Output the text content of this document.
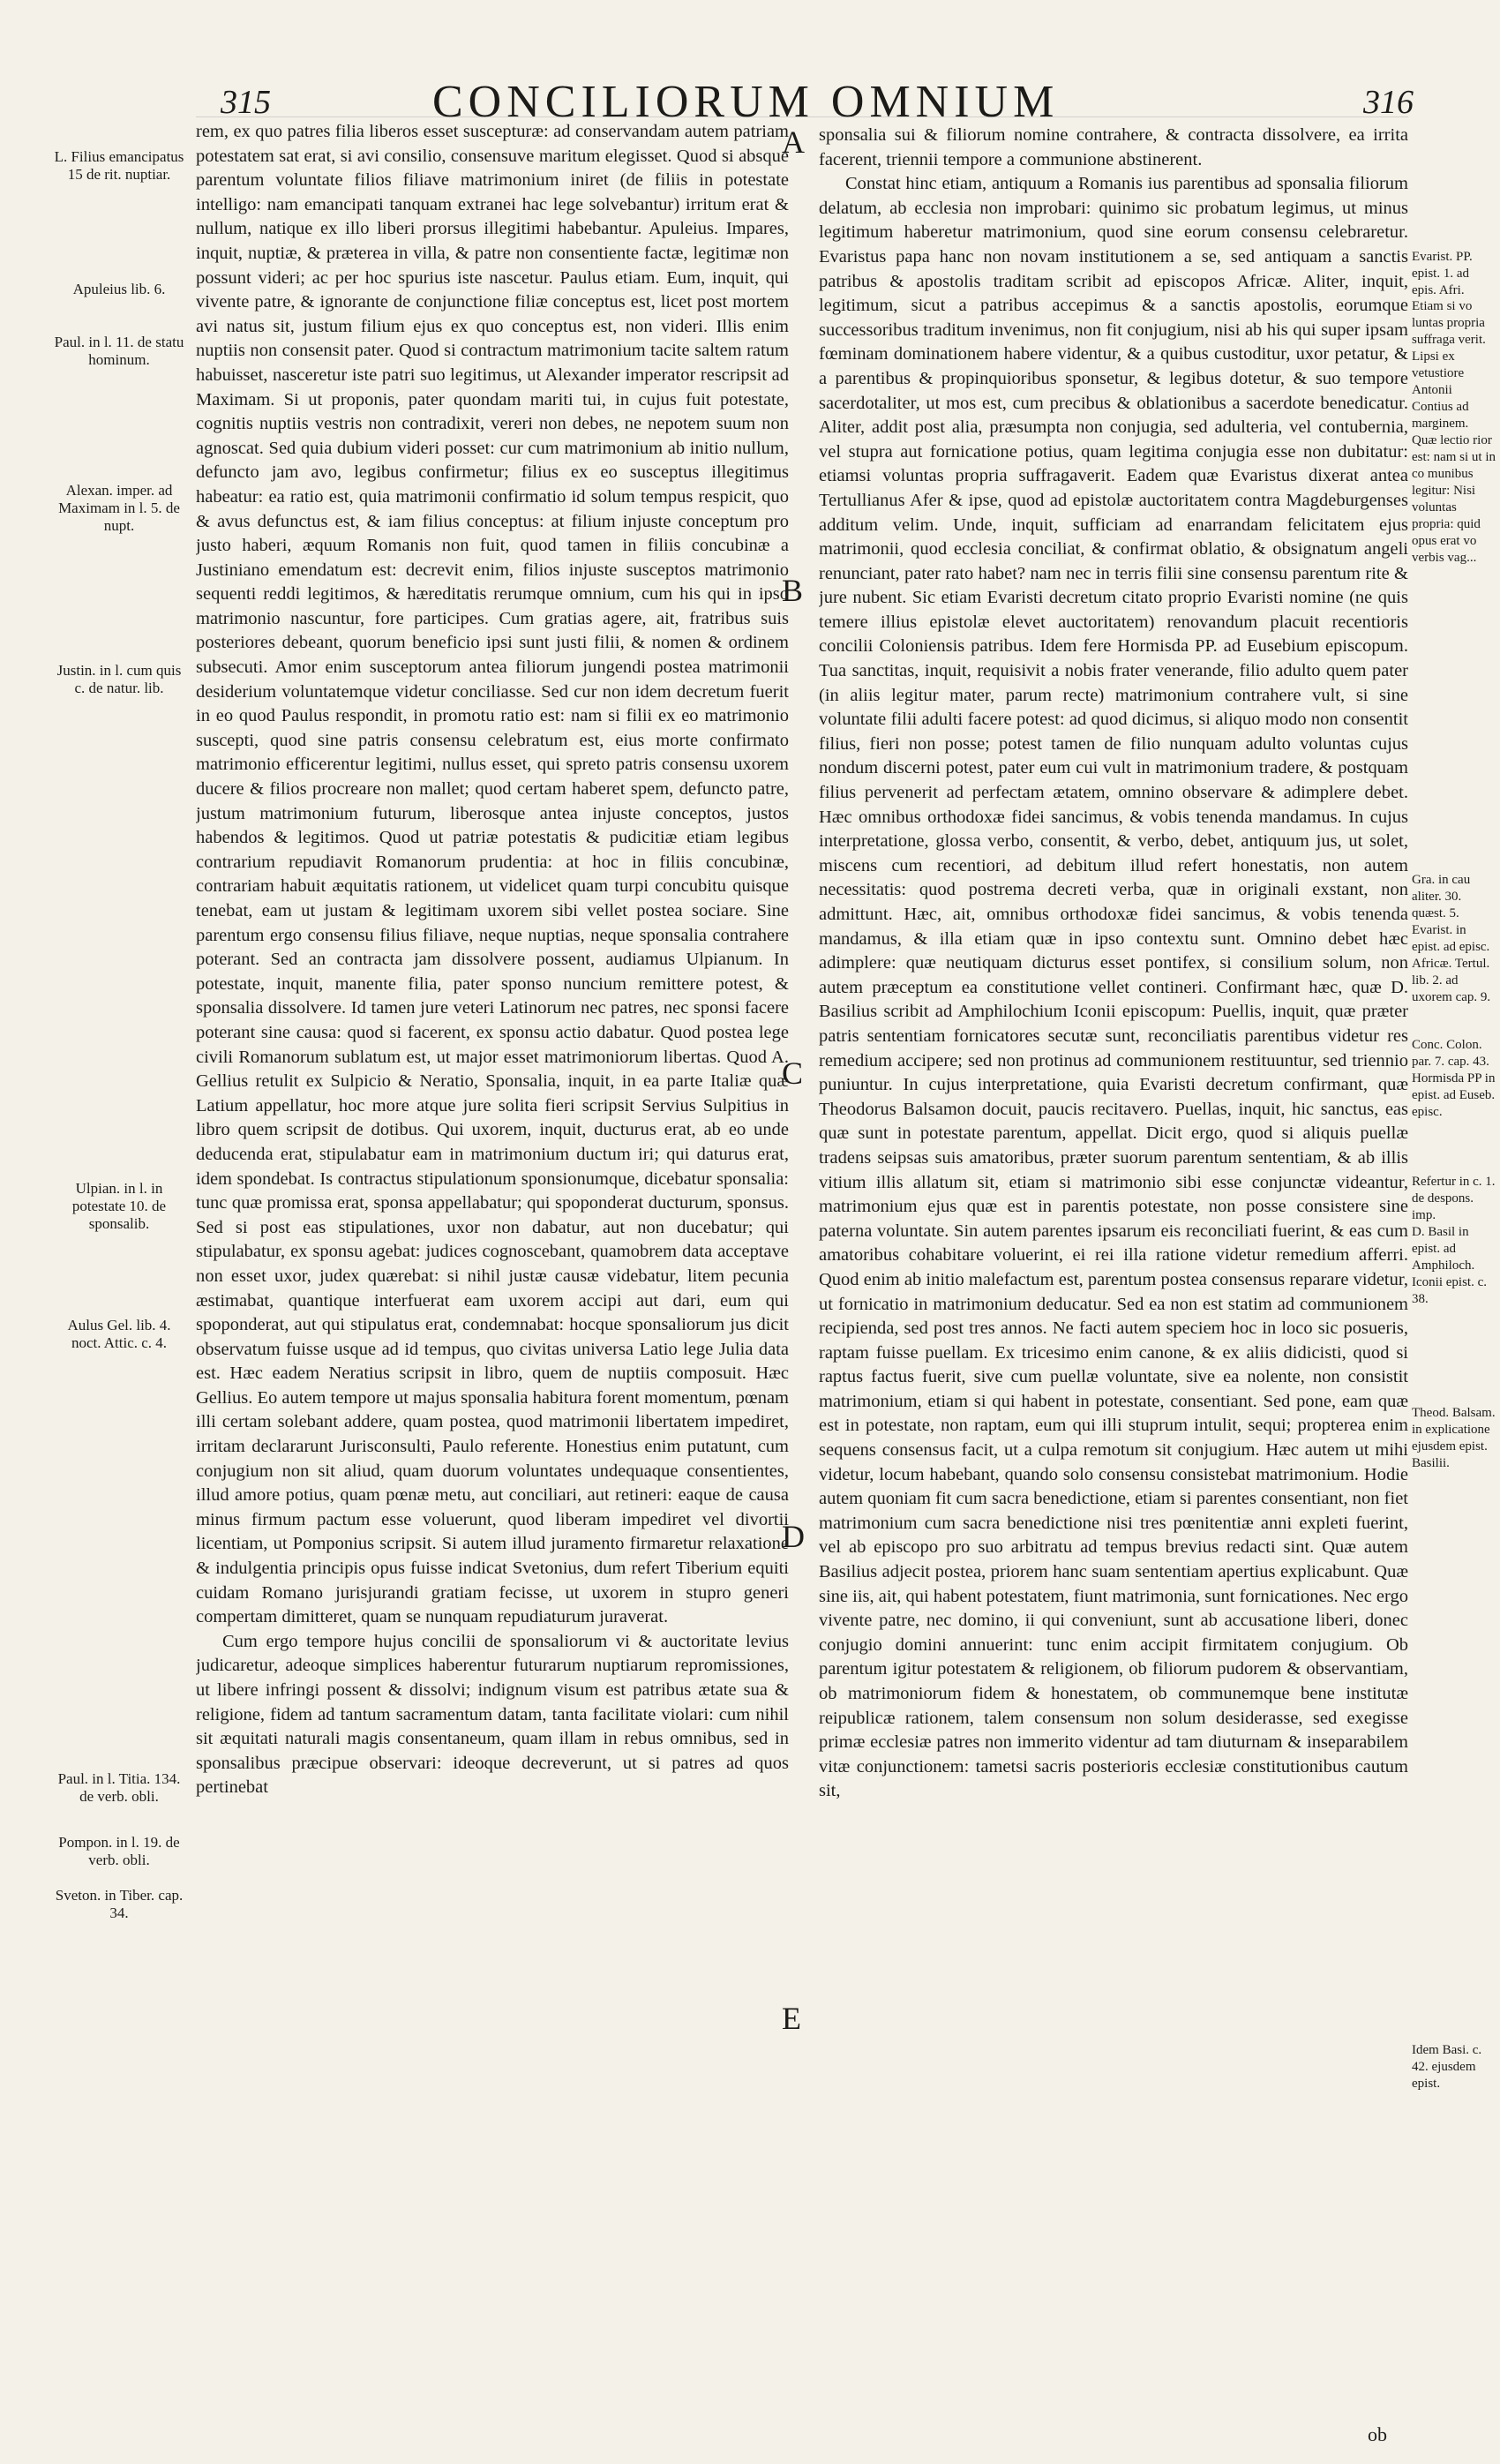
315	CONCILIORUM OMNIUM	316

rem, ex quo patres filia liberos esset suscepturæ: ad conservandam autem patriam potestatem sat erat, si avi consilio, consensuve maritum elegisset. Quod si absque parentum voluntate filios filiave matrimonium iniret (de filiis in potestate intelligo: nam emancipati tanquam extranei hac lege solvebantur) irritum erat & nullum, natique ex illo liberi prorsus illegitimi habebantur. Apuleius. Impares, inquit, nuptiæ, & præterea in villa, & patre non consentiente factæ, legitimæ non possunt videri; ac per hoc spurius iste nascetur. Paulus etiam. Eum, inquit, qui vivente patre, & ignorante de conjunctione filiæ conceptus est, licet post mortem avi natus sit, justum filium ejus ex quo conceptus est, non videri. Illis enim nuptiis non consensit pater. Quod si contractum matrimonium tacite saltem ratum habuisset, nasceretur iste patri suo legitimus, ut Alexander imperator rescripsit ad Maximam. Si ut proponis, pater quondam mariti tui, in cujus fuit potestate, cognitis nuptiis vestris non contradixit, vereri non debes, ne nepotem suum non agnoscat. Sed quia dubium videri posset: cur cum matrimonium ab initio nullum, defuncto jam avo, legibus confirmetur; filius ex eo susceptus illegitimus habeatur: ea ratio est, quia matrimonii confirmatio id solum tempus respicit, quo & avus defunctus est, & iam filius conceptus: at filium injuste conceptum pro justo haberi, æquum Romanis non fuit, quod tamen in filiis concubinæ a Justiniano emendatum est: decrevit enim, filios injuste susceptos matrimonio sequenti reddi legitimos, & hæreditatis rerumque omnium, cum his qui in ipso matrimonio nascuntur, fore participes. Cum gratias agere, ait, fratribus suis posteriores debeant, quorum beneficio ipsi sunt justi filii, & nomen & ordinem subsecuti. Amor enim susceptorum antea filiorum jungendi postea matrimonii desiderium voluntatemque videtur conciliasse. Sed cur non idem decretum fuerit in eo quod Paulus respondit, in promotu ratio est: nam si filii ex eo matrimonio suscepti, quod sine patris consensu celebratum est, eius morte confirmato matrimonio efficerentur legitimi, nullus esset, qui spreto patris consensu uxorem ducere & filios procreare non mallet; quod certam haberet spem, defuncto patre, justum matrimonium futurum, liberosque antea injuste conceptos, justos habendos & legitimos. Quod ut patriæ potestatis & pudicitiæ etiam legibus contrarium repudiavit Romanorum prudentia: at hoc in filiis concubinæ, contrariam habuit æquitatis rationem, ut videlicet quam turpi concubitu quisque tenebat, eam ut justam & legitimam uxorem sibi vellet postea sociare. Sine parentum ergo consensu filius filiave, neque nuptias, neque sponsalia contrahere poterant. Sed an contracta jam dissolvere possent, audiamus Ulpianum. In potestate, inquit, manente filia, pater sponso nuncium remittere potest, & sponsalia dissolvere. Id tamen jure veteri Latinorum nec patres, nec sponsi facere poterant sine causa: quod si facerent, ex sponsu actio dabatur. Quod postea lege civili Romanorum sublatum est, ut major esset matrimoniorum libertas. Quod A. Gellius retulit ex Sulpicio & Neratio, Sponsalia, inquit, in ea parte Italiæ quæ Latium appellatur, hoc more atque jure solita fieri scripsit Servius Sulpitius in libro quem scripsit de dotibus. Qui uxorem, inquit, ducturus erat, ab eo unde deducenda erat, stipulabatur eam in matrimonium ductum iri; qui daturus erat, idem spondebat. Is contractus stipulationum sponsionumque, dicebatur sponsalia: tunc quæ promissa erat, sponsa appellabatur; qui spoponderat ducturum, sponsus. Sed si post eas stipulationes, uxor non dabatur, aut non ducebatur; qui stipulabatur, ex sponsu agebat: judices cognoscebant, quamobrem data acceptave non esset uxor, judex quærebat: si nihil justæ causæ videbatur, litem pecunia æstimabat, quantique interfuerat eam uxorem accipi aut dari, eum qui spoponderat, aut qui stipulatus erat, condemnabat: hocque sponsaliorum jus dicit observatum fuisse usque ad id tempus, quo civitas universa Latio lege Julia data est. Hæc eadem Neratius scripsit in libro, quem de nuptiis composuit. Hæc Gellius. Eo autem tempore ut majus sponsalia habitura forent momentum, pœnam illi certam solebant addere, quam postea, quod matrimonii libertatem impediret, irritam declararunt Jurisconsulti, Paulo referente. Honestius enim putatunt, cum conjugium non sit aliud, quam duorum voluntates undequaque consentientes, illud amore potius, quam pœnæ metu, aut conciliari, aut retineri: eaque de causa minus firmum pactum esse voluerunt, quod liberam impediret vel divortii licentiam, ut Pomponius scripsit. Si autem illud juramento firmaretur relaxatione & indulgentia principis opus fuisse indicat Svetonius, dum refert Tiberium equiti cuidam Romano jurisjurandi gratiam fecisse, ut uxorem in stupro generi compertam dimitteret, quam se nunquam repudiaturum juraverat.

Cum ergo tempore hujus concilii de sponsaliorum vi & auctoritate levius judicaretur, adeoque simplices haberentur futurarum nuptiarum repromissiones, ut libere infringi possent & dissolvi; indignum visum est patribus ætate sua & religione, fidem ad tantum sacramentum datam, tanta facilitate violari: cum nihil sit æquitati naturali magis consentaneum, quam illam in rebus omnibus, sed in sponsalibus præcipue observari: ideoque decreverunt, ut si patres ad quos pertinebat

sponsalia sui & filiorum nomine contrahere, & contracta dissolvere, ea irrita facerent, triennii tempore a communione abstinerent.

Constat hinc etiam, antiquum a Romanis ius parentibus ad sponsalia filiorum delatum, ab ecclesia non improbari: quinimo sic probatum legimus, ut minus legitimum haberetur matrimonium, quod sine eorum consensu celebraretur. Evaristus papa hanc non novam institutionem a se, sed antiquam a sanctis patribus & apostolis traditam scribit ad episcopos Africæ. Aliter, inquit, legitimum, sicut a patribus accepimus & a sanctis apostolis, eorumque successoribus traditum invenimus, non fit conjugium, nisi ab his qui super ipsam fœminam dominationem habere videntur, & a quibus custoditur, uxor petatur, & a parentibus & propinquioribus sponsetur, & legibus dotetur, & suo tempore sacerdotaliter, ut mos est, cum precibus & oblationibus a sacerdote benedicatur. Aliter, addit post alia, præsumpta non conjugia, sed adulteria, vel contubernia, vel stupra aut fornicatione potius, quam legitima conjugia esse non dubitatur: etiamsi voluntas propria suffragaverit. Eadem quæ Evaristus dixerat antea Tertullianus Afer & ipse, quod ad epistolæ auctoritatem contra Magdeburgenses additum velim. Unde, inquit, sufficiam ad enarrandam felicitatem ejus matrimonii, quod ecclesia conciliat, & confirmat oblatio, & obsignatum angeli renunciant, pater rato habet? nam nec in terris filii sine consensu parentum rite & jure nubent. Sic etiam Evaristi decretum citato proprio Evaristi nomine (ne quis temere illius epistolæ elevet auctoritatem) renovandum placuit recentioris concilii Coloniensis patribus. Idem fere Hormisda PP. ad Eusebium episcopum. Tua sanctitas, inquit, requisivit a nobis frater venerande, filio adulto quem pater (in aliis legitur mater, parum recte) matrimonium contrahere vult, si sine voluntate filii adulti facere potest: ad quod dicimus, si aliquo modo non consentit filius, fieri non posse; potest tamen de filio nunquam adulto voluntas cujus nondum discerni potest, pater eum cui vult in matrimonium tradere, & postquam filius pervenerit ad perfectam ætatem, omnino observare & adimplere debet. Hæc omnibus orthodoxæ fidei sancimus, & vobis tenenda mandamus. In cujus interpretatione, glossa verbo, consentit, & verbo, debet, antiquum jus, ut solet, miscens cum recentiori, ad debitum illud refert honestatis, non autem necessitatis: quod postrema decreti verba, quæ in originali exstant, non admittunt. Hæc, ait, omnibus orthodoxæ fidei sancimus, & vobis tenenda mandamus, & illa etiam quæ in ipso contextu sunt. Omnino debet hæc adimplere: quæ neutiquam dicturus esset pontifex, si consilium solum, non autem præceptum ea constitutione vellet contineri. Confirmant hæc, quæ D. Basilius scribit ad Amphilochium Iconii episcopum: Puellis, inquit, quæ præter patris sententiam fornicatores secutæ sunt, reconciliatis parentibus videtur res remedium accipere; sed non protinus ad communionem restituuntur, sed triennio puniuntur. In cujus interpretatione, quia Evaristi decretum confirmant, quæ Theodorus Balsamon docuit, paucis recitavero. Puellas, inquit, hic sanctus, eas quæ sunt in potestate parentum, appellat. Dicit ergo, quod si aliquis puellæ tradens seipsas suis amatoribus, præter suorum parentum sententiam, & ab illis vitium illis allatum sit, etiam si matrimonio sibi esse conjunctæ videantur, matrimonium ejus quæ est in parentis potestate, non posse consistere sine paterna voluntate. Sin autem parentes ipsarum eis reconciliati fuerint, & eas cum amatoribus cohabitare voluerint, ei rei illa ratione videtur remedium afferri. Quod enim ab initio malefactum est, parentum postea consensus reparare videtur, ut fornicatio in matrimonium deducatur. Sed ea non est statim ad communionem recipienda, sed post tres annos. Ne facti autem speciem hoc in loco sic posueris, raptam fuisse puellam. Ex tricesimo enim canone, & ex aliis didicisti, quod si raptus factus fuerit, sive cum puellæ voluntate, sive ea nolente, non consistit matrimonium, etiam si qui habent in potestate, consentiant. Sed pone, eam quæ est in potestate, non raptam, eum qui illi stuprum intulit, sequi; propterea enim sequens consensus facit, ut a culpa remotum sit conjugium. Hæc autem ut mihi videtur, locum habebant, quando solo consensu consistebat matrimonium. Hodie autem quoniam fit cum sacra benedictione, etiam si parentes consentiant, non fiet matrimonium cum sacra benedictione nisi tres pœnitentiæ anni expleti fuerint, vel ab episcopo pro suo arbitratu ad tempus brevius redacti sint. Quæ autem Basilius adjecit postea, priorem hanc suam sententiam apertius explicabunt. Quæ sine iis, ait, qui habent potestatem, fiunt matrimonia, sunt fornicationes. Nec ergo vivente patre, nec domino, ii qui conveniunt, sunt ab accusatione liberi, donec conjugio domini annuerint: tunc enim accipit firmitatem conjugium. Ob parentum igitur potestatem & religionem, ob filiorum pudorem & observantiam, ob matrimoniorum fidem & honestatem, ob communemque bene institutæ reipublicæ rationem, talem consensum non solum desiderasse, sed exegisse primæ ecclesiæ patres non immerito videntur ad tam diuturnam & inseparabilem vitæ conjunctionem: tametsi sacris posterioris ecclesiæ constitutionibus cautum sit,

A
B
C
D
E
L. Filius emancipatus 15 de rit. nuptiar.
Apuleius lib. 6.
Paul. in l. 11. de statu hominum.
Alexan. imper. ad Maximam in l. 5. de nupt.
Justin. in l. cum quis c. de natur. lib.
Ulpian. in l. in potestate 10. de sponsalib.
Aulus Gel. lib. 4. noct. Attic. c. 4.
Paul. in l. Titia. 134. de verb. obli.
Pompon. in l. 19. de verb. obli.
Sveton. in Tiber. cap. 34.
Evarist. PP. epist. 1. ad epis. Afri.
Etiam si vo luntas propria suffraga verit. Lipsi ex vetustiore Antonii Contius ad marginem. Quæ lectio rior est: nam si ut in co munibus legitur: Nisi voluntas propria: quid opus erat vo verbis vag...
Gra. in cau aliter. 30. quæst. 5. Evarist. in epist. ad episc. Africæ. Tertul. lib. 2. ad uxorem cap. 9.
Conc. Colon. par. 7. cap. 43. Hormisda PP in epist. ad Euseb. episc.
Refertur in c. 1. de despons. imp.
D. Basil in epist. ad Amphiloch. Iconii epist. c. 38.
Theod. Balsam. in explicatione ejusdem epist. Basilii.
Idem Basi. c. 42. ejusdem epist.
ob
